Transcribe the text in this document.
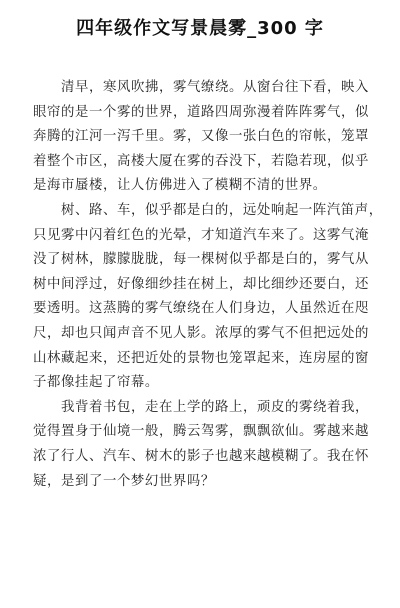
四年级作文写景晨雾_300 字
清早，寒风吹拂，雾气缭绕。从窗台往下看，映入
眼帘的是一个雾的世界，道路四周弥漫着阵阵雾气，似
奔腾的江河一泻千里。雾，又像一张白色的帘帐，笼罩
着整个市区，高楼大厦在雾的吞没下，若隐若现，似乎
是海市蜃楼，让人仿佛进入了模糊不清的世界。
树、路、车，似乎都是白的，远处响起一阵汽笛声，
只见雾中闪着红色的光晕，才知道汽车来了。这雾气淹
没了树林，朦朦胧胧，每一棵树似乎都是白的，雾气从
树中间浮过，好像细纱挂在树上，却比细纱还要白，还
要透明。这蒸腾的雾气缭绕在人们身边，人虽然近在咫
尺，却也只闻声音不见人影。浓厚的雾气不但把远处的
山林藏起来，还把近处的景物也笼罩起来，连房屋的窗
子都像挂起了帘幕。
我背着书包，走在上学的路上，顽皮的雾绕着我，
觉得置身于仙境一般，腾云驾雾，飘飘欲仙。雾越来越
浓了行人、汽车、树木的影子也越来越模糊了。我在怀
疑，是到了一个梦幻世界吗？
